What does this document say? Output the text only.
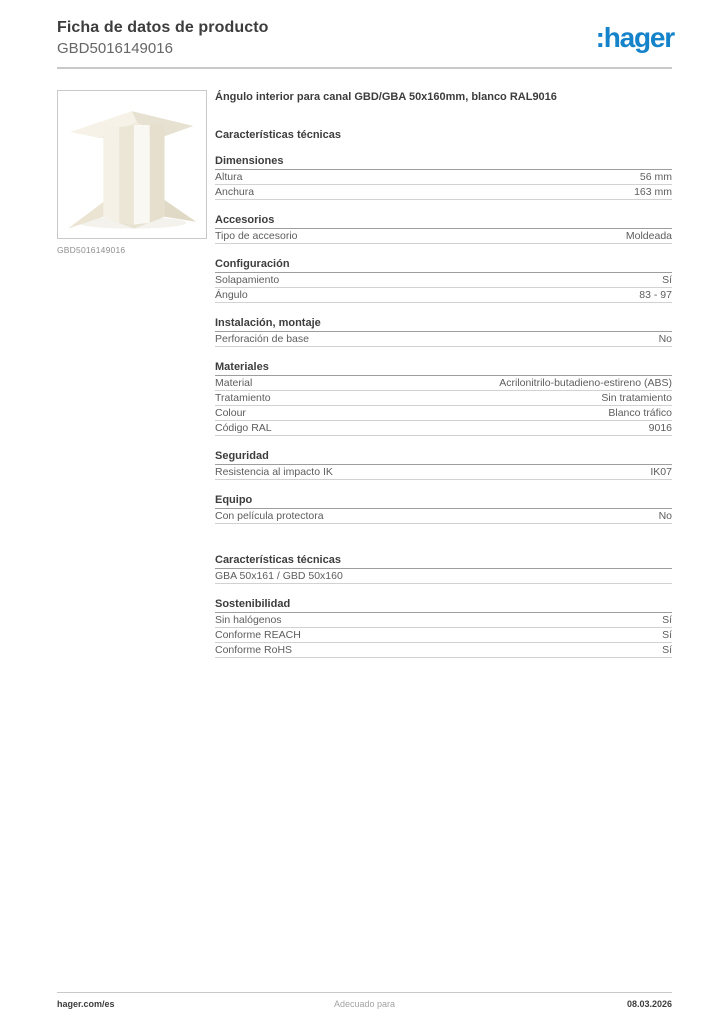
Ficha de datos de producto
GBD5016149016	:hager
GBD5016149016
Ángulo interior para canal GBD/GBA 50x160mm, blanco RAL9016
Características técnicas
Dimensiones
Altura	56 mm
Anchura	163 mm
Accesorios
Tipo de accesorio	Moldeada
Configuración
Solapamiento	Sí
Ángulo	83 - 97
Instalación, montaje
Perforación de base	No
Materiales
Material	Acrilonitrilo-butadieno-estireno (ABS)
Tratamiento	Sin tratamiento
Colour	Blanco tráfico
Código RAL	9016
Seguridad
Resistencia al impacto IK	IK07
Equipo
Con película protectora	No
Características técnicas
GBA 50x161 / GBD 50x160
Sostenibilidad
Sin halógenos	Sí
Conforme REACH	Sí
Conforme RoHS	Sí
hager.com/es	Adecuado para	08.03.2026
